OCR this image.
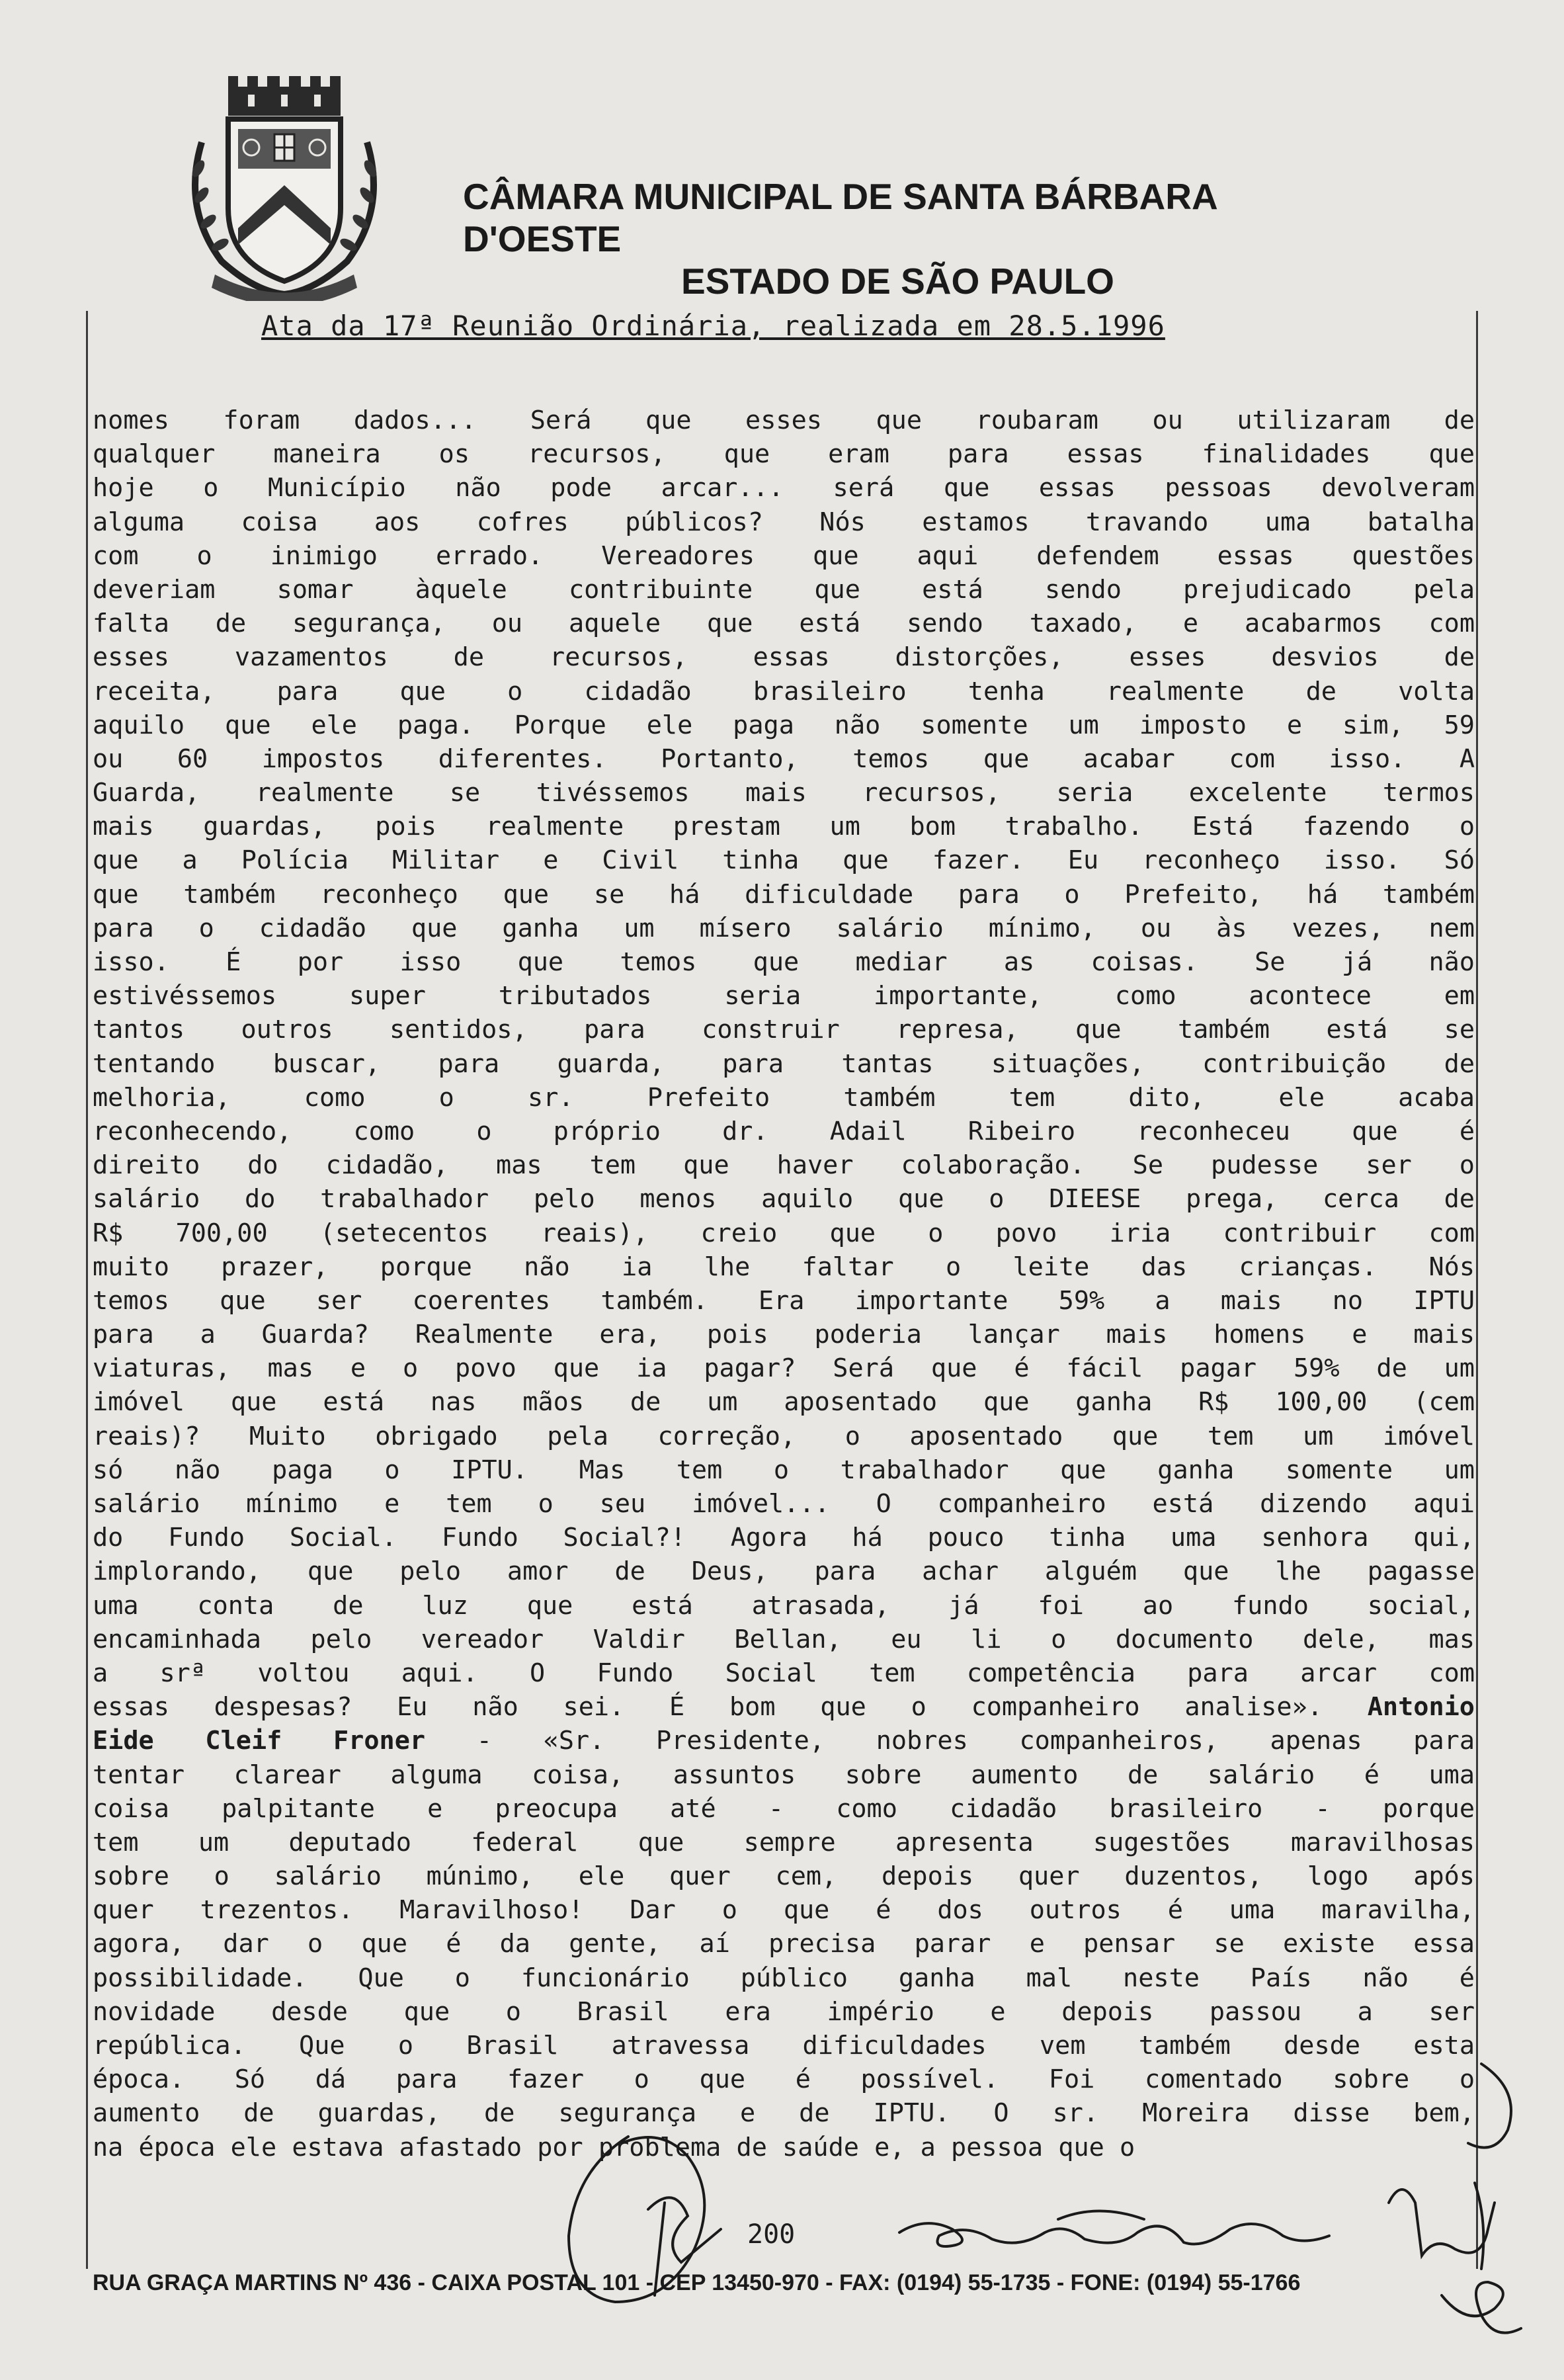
CÂMARA MUNICIPAL DE SANTA BÁRBARA D'OESTE
ESTADO DE SÃO PAULO
Ata da 17ª Reunião Ordinária, realizada em 28.5.1996
nomes foram dados... Será que esses que roubaram ou utilizaram de
qualquer maneira os recursos, que eram para essas finalidades que
hoje o Município não pode arcar... será que essas pessoas devolveram
alguma coisa aos cofres públicos? Nós estamos travando uma batalha
com o inimigo errado. Vereadores que aqui defendem essas questões
deveriam somar àquele contribuinte que está sendo prejudicado pela
falta de segurança, ou aquele que está sendo taxado, e acabarmos com
esses vazamentos de recursos, essas distorções, esses desvios de
receita, para que o cidadão brasileiro tenha realmente de volta
aquilo que ele paga. Porque ele paga não somente um imposto e sim, 59
ou 60 impostos diferentes. Portanto, temos que acabar com isso. A
Guarda, realmente se tivéssemos mais recursos, seria excelente termos
mais guardas, pois realmente prestam um bom trabalho. Está fazendo o
que a Polícia Militar e Civil tinha que fazer. Eu reconheço isso. Só
que também reconheço que se há dificuldade para o Prefeito, há também
para o cidadão que ganha um mísero salário mínimo, ou às vezes, nem
isso. É por isso que temos que mediar as coisas. Se já não
estivéssemos super tributados seria importante, como acontece em
tantos outros sentidos, para construir represa, que também está se
tentando buscar, para guarda, para tantas situações, contribuição de
melhoria, como o sr. Prefeito também tem dito, ele acaba
reconhecendo, como o próprio dr. Adail Ribeiro reconheceu que é
direito do cidadão, mas tem que haver colaboração. Se pudesse ser o
salário do trabalhador pelo menos aquilo que o DIEESE prega, cerca de
R$ 700,00 (setecentos reais), creio que o povo iria contribuir com
muito prazer, porque não ia lhe faltar o leite das crianças. Nós
temos que ser coerentes também. Era importante 59% a mais no IPTU
para a Guarda? Realmente era, pois poderia lançar mais homens e mais
viaturas, mas e o povo que ia pagar? Será que é fácil pagar 59% de um
imóvel que está nas mãos de um aposentado que ganha R$ 100,00 (cem
reais)? Muito obrigado pela correção, o aposentado que tem um imóvel
só não paga o IPTU. Mas tem o trabalhador que ganha somente um
salário mínimo e tem o seu imóvel... O companheiro está dizendo aqui
do Fundo Social. Fundo Social?! Agora há pouco tinha uma senhora qui,
implorando, que pelo amor de Deus, para achar alguém que lhe pagasse
uma conta de luz que está atrasada, já foi ao fundo social,
encaminhada pelo vereador Valdir Bellan, eu li o documento dele, mas
a srª voltou aqui. O Fundo Social tem competência para arcar com
essas despesas? Eu não sei. É bom que o companheiro analise». Antonio
Eide Cleif Froner - «Sr. Presidente, nobres companheiros, apenas para
tentar clarear alguma coisa, assuntos sobre aumento de salário é uma
coisa palpitante e preocupa até - como cidadão brasileiro - porque
tem um deputado federal que sempre apresenta sugestões maravilhosas
sobre o salário múnimo, ele quer cem, depois quer duzentos, logo após
quer trezentos. Maravilhoso! Dar o que é dos outros é uma maravilha,
agora, dar o que é da gente, aí precisa parar e pensar se existe essa
possibilidade. Que o funcionário público ganha mal neste País não é
novidade desde que o Brasil era império e depois passou a ser
república. Que o Brasil atravessa dificuldades vem também desde esta
época. Só dá para fazer o que é possível. Foi comentado sobre o
aumento de guardas, de segurança e de IPTU. O sr. Moreira disse bem,
na época ele estava afastado por problema de saúde e, a pessoa que o
200
RUA GRAÇA MARTINS Nº 436 - CAIXA POSTAL 101 - CEP 13450-970 - FAX: (0194) 55-1735 - FONE: (0194) 55-1766
